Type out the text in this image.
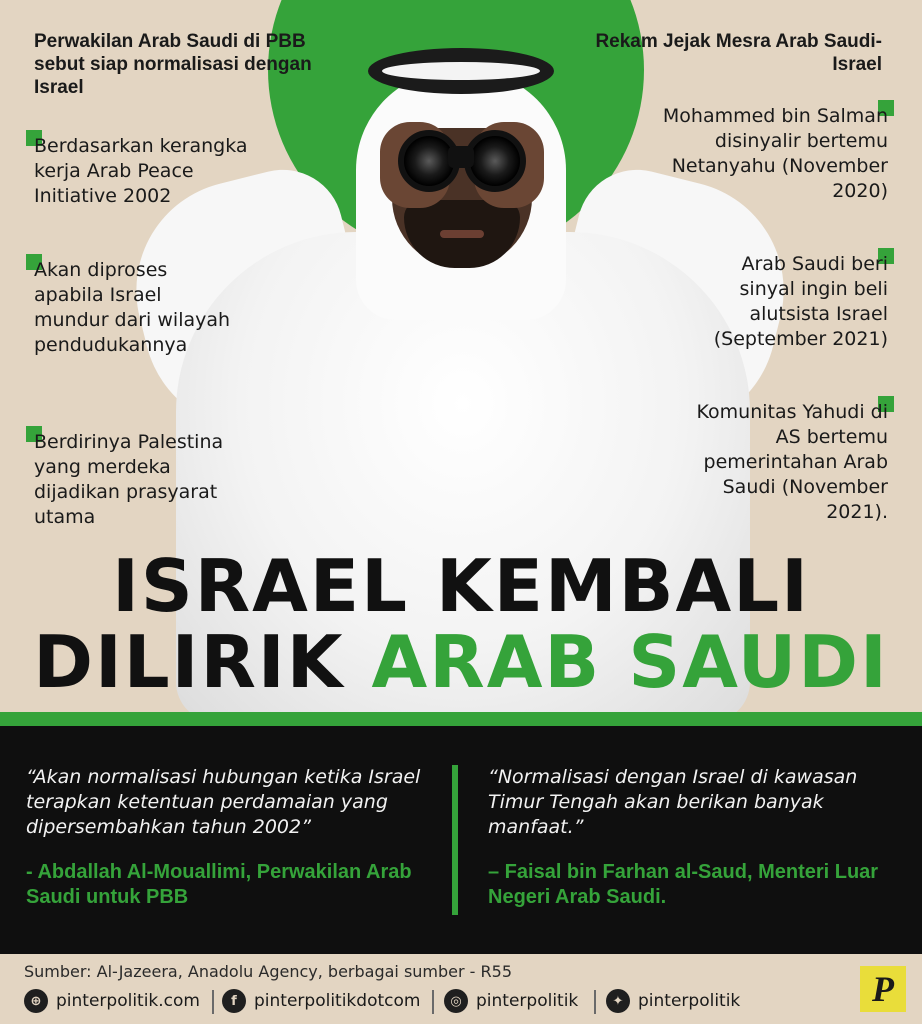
Perwakilan Arab Saudi di PBB sebut siap normalisasi dengan Israel
Berdasarkan kerangka kerja Arab Peace Initiative 2002
Akan diproses apabila Israel mundur dari wilayah pendudukannya
Berdirinya Palestina yang merdeka dijadikan prasyarat utama
Rekam Jejak Mesra Arab Saudi-Israel
Mohammed bin Salman disinyalir bertemu Netanyahu (November 2020)
Arab Saudi beri sinyal ingin beli alutsista Israel (September 2021)
Komunitas Yahudi di AS bertemu pemerintahan Arab Saudi (November 2021).
ISRAEL KEMBALI
DILIRIK ARAB SAUDI
“Akan normalisasi hubungan ketika Israel terapkan ketentuan perdamaian yang dipersembahkan tahun 2002”
- Abdallah Al-Mouallimi, Perwakilan Arab Saudi untuk PBB
“Normalisasi dengan Israel di kawasan Timur Tengah akan berikan banyak manfaat.”
– Faisal bin Farhan al-Saud, Menteri Luar Negeri Arab Saudi.
Sumber: Al-Jazeera, Anadolu Agency, berbagai sumber - R55
⊕ pinterpolitik.com	f	pinterpolitikdotcom	◎ pinterpolitik	✦ pinterpolitik	P
